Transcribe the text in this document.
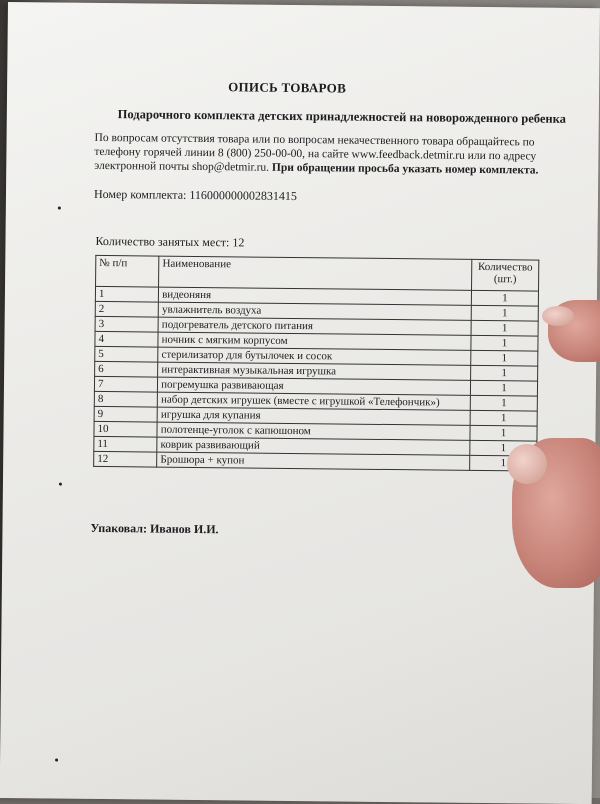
ОПИСЬ ТОВАРОВ
Подарочного комплекта детских принадлежностей на новорожденного ребенка
По вопросам отсутствия товара или по вопросам некачественного товара обращайтесь по телефону горячей линии 8 (800) 250-00-00, на сайте www.feedback.detmir.ru или по адресу электронной почты shop@detmir.ru. При обращении просьба указать номер комплекта.
Номер комплекта: 116000000002831415
Количество занятых мест: 12
№ п/п	Наименование	Количество (шт.)
1	видеоняня	1
2	увлажнитель воздуха	1
3	подогреватель детского питания	1
4	ночник с мягким корпусом	1
5	стерилизатор для бутылочек и сосок	1
6	интерактивная музыкальная игрушка	1
7	погремушка развивающая	1
8	набор детских игрушек (вместе с игрушкой «Телефончик»)	1
9	игрушка для купания	1
10	полотенце-уголок с капюшоном	1
11	коврик развивающий	1
12	Брошюра + купон	1
Упаковал: Иванов И.И.
